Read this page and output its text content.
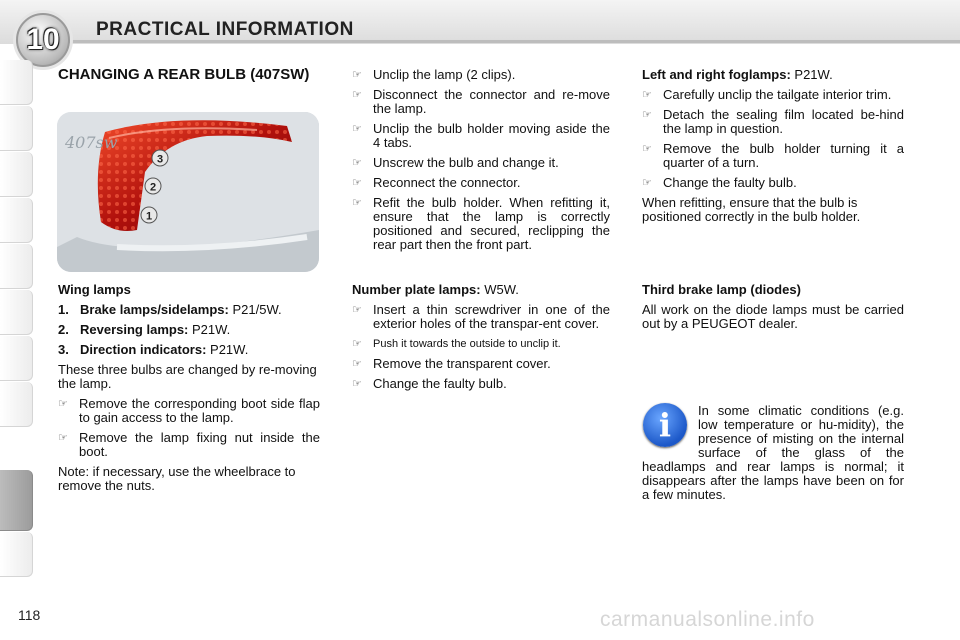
10	PRACTICAL INFORMATION
CHANGING A REAR BULB (407SW)
407sw
3
2
1
Wing lamps
1. Brake lamps/sidelamps: P21/5W.
2. Reversing lamps: P21W.
3. Direction indicators: P21W.

These three bulbs are changed by re-moving the lamp.

☞ Remove the corresponding boot side flap to gain access to the lamp.
☞ Remove the lamp fixing nut inside the boot.

Note: if necessary, use the wheelbrace to remove the nuts.

☞ Unclip the lamp (2 clips).
☞ Disconnect the connector and re-move the lamp.
☞ Unclip the bulb holder moving aside the 4 tabs.
☞ Unscrew the bulb and change it.
☞ Reconnect the connector.
☞ Refit the bulb holder. When refitting it, ensure that the lamp is correctly positioned and secured, reclipping the rear part then the front part.

Number plate lamps: W5W.

☞ Insert a thin screwdriver in one of the exterior holes of the transpar-ent cover.
☞	Push it towards the outside to unclip it.
☞ Remove the transparent cover.
☞ Change the faulty bulb.

Left and right foglamps: P21W.

☞ Carefully unclip the tailgate interior trim.
☞ Detach the sealing film located be-hind the lamp in question.
☞ Remove the bulb holder turning it a quarter of a turn.
☞ Change the faulty bulb.

When refitting, ensure that the bulb is positioned correctly in the bulb holder.

Third brake lamp (diodes)

All work on the diode lamps must be carried out by a PEUGEOT dealer.

i	In some climatic conditions (e.g. low temperature or hu-midity), the presence of misting on the internal surface of the glass of the headlamps and rear lamps is normal; it disappears after the lamps have been on for a few minutes.
118	carmanualsonline.info
